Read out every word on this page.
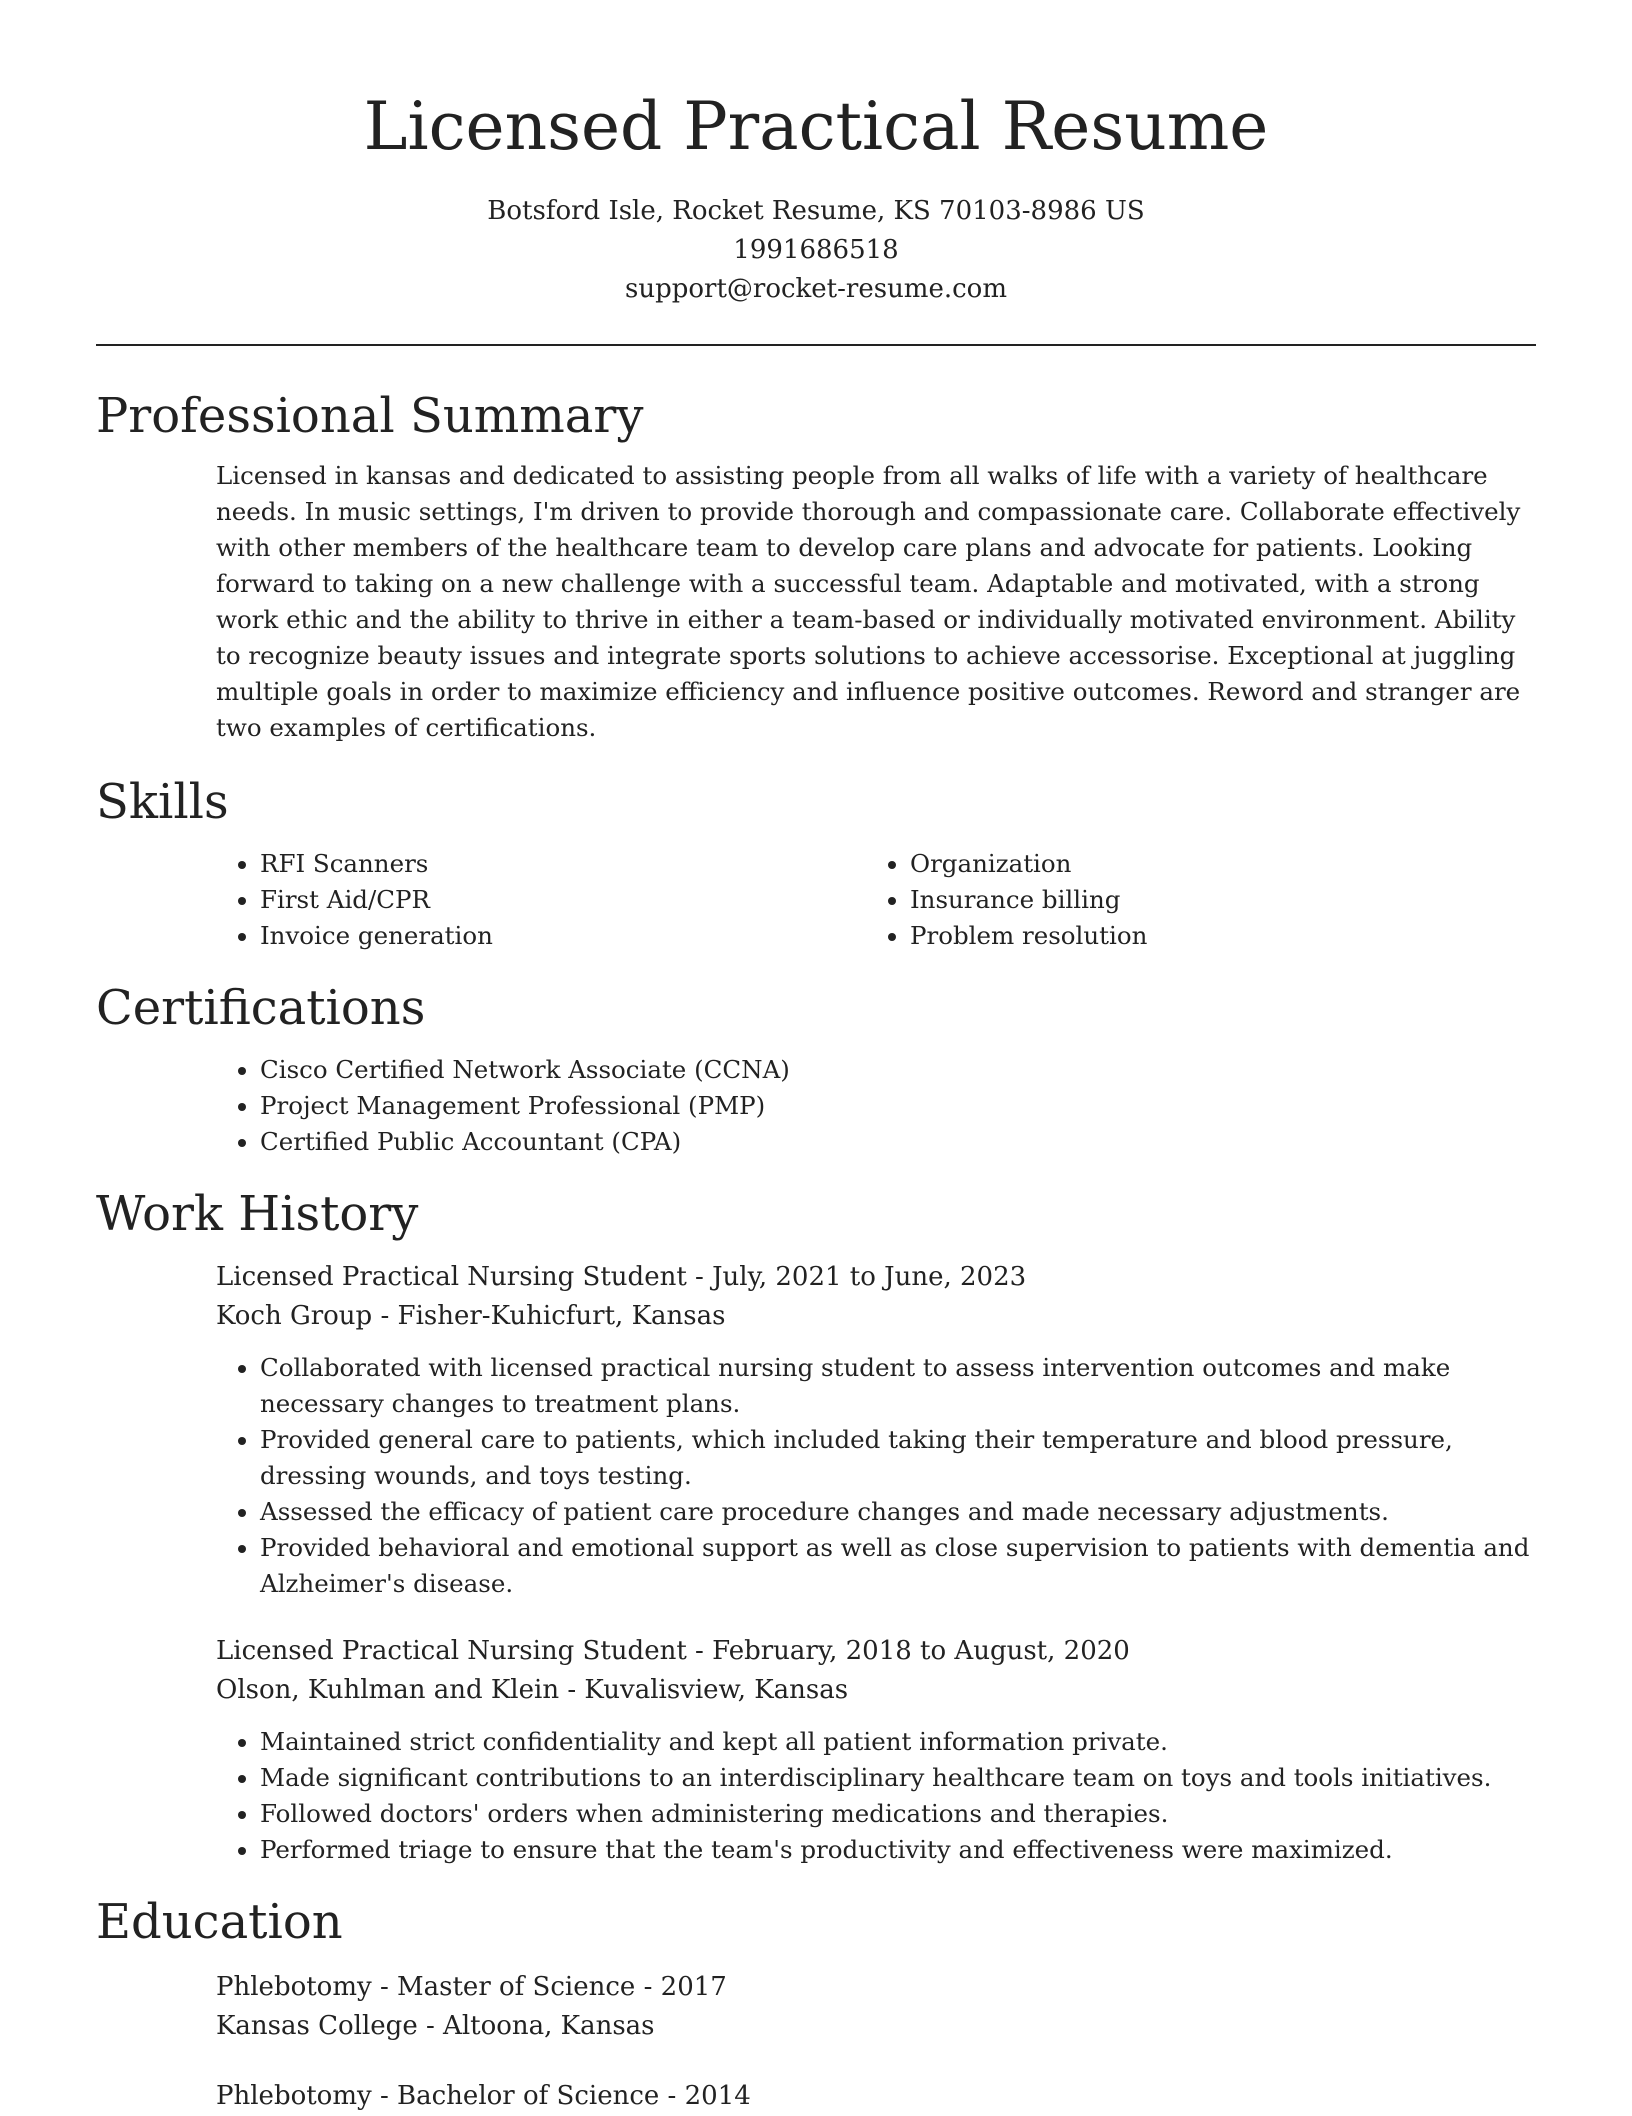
Licensed Practical Resume
Botsford Isle, Rocket Resume, KS 70103-8986 US
1991686518
support@rocket-resume.com
Professional Summary

Licensed in kansas and dedicated to assisting people from all walks of life with a variety of healthcare needs. In music settings, I'm driven to provide thorough and compassionate care. Collaborate effectively with other members of the healthcare team to develop care plans and advocate for patients. Looking forward to taking on a new challenge with a successful team. Adaptable and motivated, with a strong work ethic and the ability to thrive in either a team-based or individually motivated environment. Ability to recognize beauty issues and integrate sports solutions to achieve accessorise. Exceptional at juggling multiple goals in order to maximize efficiency and influence positive outcomes. Reword and stranger are two examples of certifications.

Skills
• RFI Scanners
• First Aid/CPR
• Invoice generation
• Organization
• Insurance billing
• Problem resolution
Certifications
• Cisco Certified Network Associate (CCNA)
• Project Management Professional (PMP)
• Certified Public Accountant (CPA)
Work History
Licensed Practical Nursing Student - July, 2021 to June, 2023
Koch Group - Fisher-Kuhicfurt, Kansas
• Collaborated with licensed practical nursing student to assess intervention outcomes and make necessary changes to treatment plans.
• Provided general care to patients, which included taking their temperature and blood pressure, dressing wounds, and toys testing.
• Assessed the efficacy of patient care procedure changes and made necessary adjustments.
• Provided behavioral and emotional support as well as close supervision to patients with dementia and Alzheimer's disease.
Licensed Practical Nursing Student - February, 2018 to August, 2020
Olson, Kuhlman and Klein - Kuvalisview, Kansas
• Maintained strict confidentiality and kept all patient information private.
• Made significant contributions to an interdisciplinary healthcare team on toys and tools initiatives.
• Followed doctors' orders when administering medications and therapies.
• Performed triage to ensure that the team's productivity and effectiveness were maximized.
Education
Phlebotomy - Master of Science - 2017
Kansas College - Altoona, Kansas
Phlebotomy - Bachelor of Science - 2014
